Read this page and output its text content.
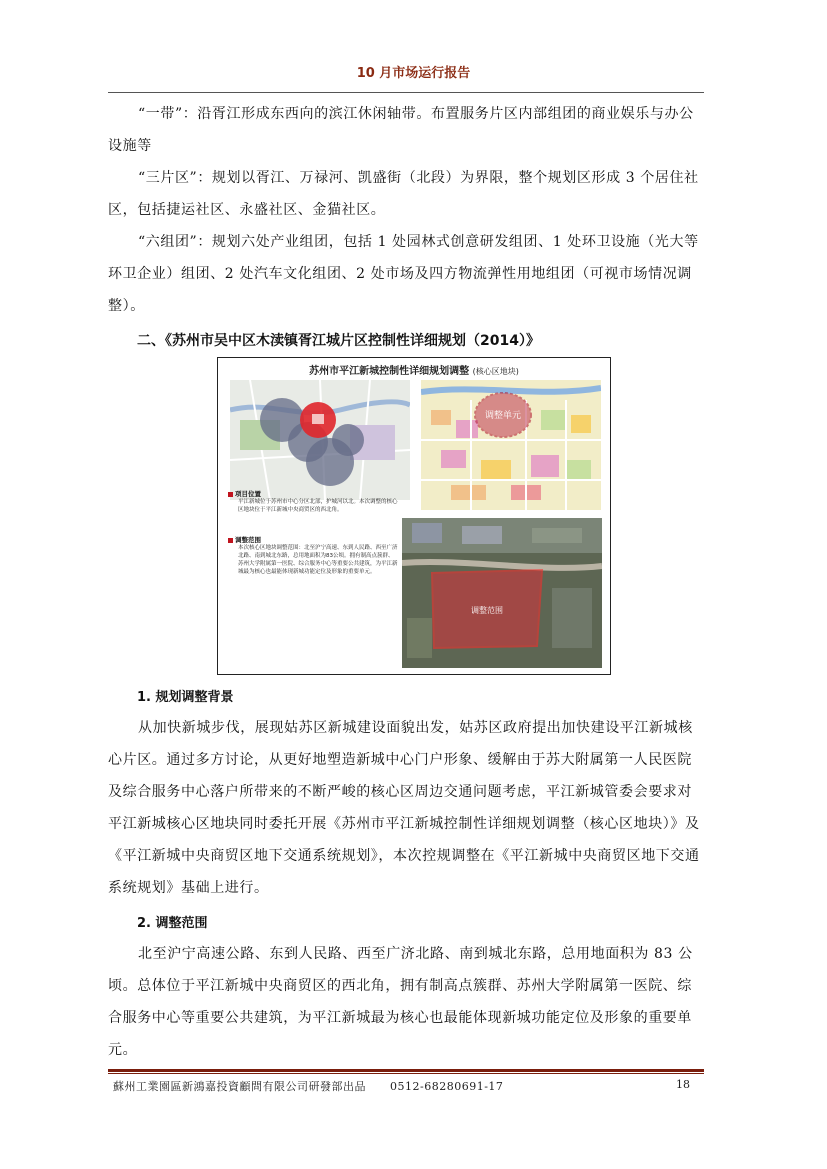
10 月市场运行报告
“一带”：沿胥江形成东西向的滨江休闲轴带。布置服务片区内部组团的商业娱乐与办公设施等
“三片区”：规划以胥江、万禄河、凯盛街（北段）为界限，整个规划区形成 3 个居住社区，包括捷运社区、永盛社区、金猫社区。
“六组团”：规划六处产业组团，包括 1 处园林式创意研发组团、1 处环卫设施（光大等环卫企业）组团、2 处汽车文化组团、2 处市场及四方物流弹性用地组团（可视市场情况调整）。
二、《苏州市吴中区木渎镇胥江城片区控制性详细规划（2014）》
苏州市平江新城控制性详细规划调整 (核心区地块)
调整单元
调整范围
项目位置
平江新城位于苏州市中心分区北部，护城河以北。本次调整的核心区地块位于平江新城中央商贸区的西北角。
调整范围
本次核心区地块调整范围：北至沪宁高速、东到人民路、西至广济北路、南到城北东路，总用地面积为83公顷。拥有制高点簇群、苏州大学附属第一医院、综合服务中心等重要公共建筑，为平江新城最为核心也最能体现新城功能定位及形象的重要单元。
1. 规划调整背景
从加快新城步伐，展现姑苏区新城建设面貌出发，姑苏区政府提出加快建设平江新城核心片区。通过多方讨论，从更好地塑造新城中心门户形象、缓解由于苏大附属第一人民医院及综合服务中心落户所带来的不断严峻的核心区周边交通问题考虑，平江新城管委会要求对平江新城核心区地块同时委托开展《苏州市平江新城控制性详细规划调整（核心区地块）》及《平江新城中央商贸区地下交通系统规划》，本次控规调整在《平江新城中央商贸区地下交通系统规划》基础上进行。
2. 调整范围
北至沪宁高速公路、东到人民路、西至广济北路、南到城北东路，总用地面积为 83 公顷。总体位于平江新城中央商贸区的西北角，拥有制高点簇群、苏州大学附属第一医院、综合服务中心等重要公共建筑，为平江新城最为核心也最能体现新城功能定位及形象的重要单元。
蘇州工業園區新鴻嘉投資顧問有限公司研發部出品 0512-68280691-17	18
